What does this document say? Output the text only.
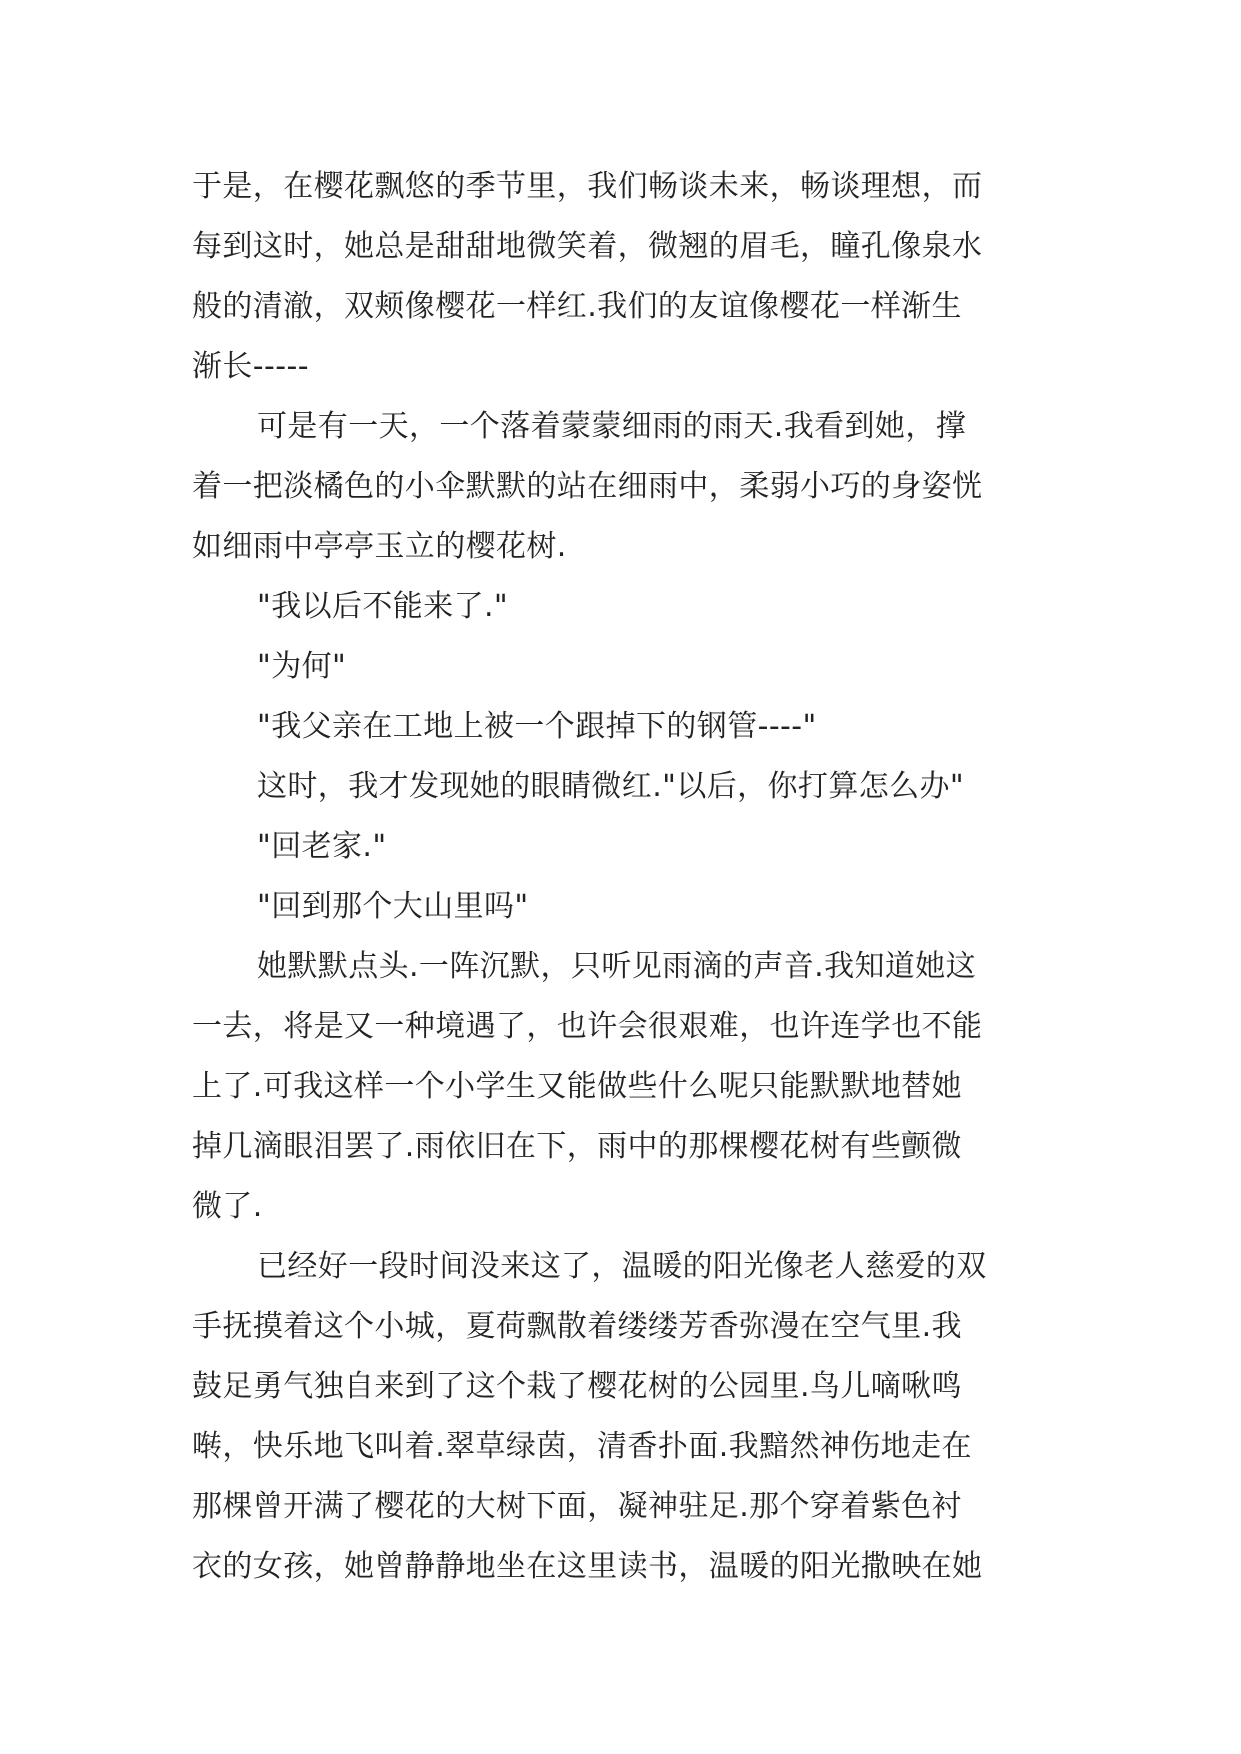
于是，在樱花飘悠的季节里，我们畅谈未来，畅谈理想，而
每到这时，她总是甜甜地微笑着，微翘的眉毛，瞳孔像泉水
般的清澈，双颊像樱花一样红.我们的友谊像樱花一样渐生
渐长-----
可是有一天，一个落着蒙蒙细雨的雨天.我看到她，撑
着一把淡橘色的小伞默默的站在细雨中，柔弱小巧的身姿恍
如细雨中亭亭玉立的樱花树.
"我以后不能来了."
"为何"
"我父亲在工地上被一个跟掉下的钢管----"
这时，我才发现她的眼睛微红."以后，你打算怎么办"
"回老家."
"回到那个大山里吗"
她默默点头.一阵沉默，只听见雨滴的声音.我知道她这
一去，将是又一种境遇了，也许会很艰难，也许连学也不能
上了.可我这样一个小学生又能做些什么呢只能默默地替她
掉几滴眼泪罢了.雨依旧在下，雨中的那棵樱花树有些颤微
微了.
已经好一段时间没来这了，温暖的阳光像老人慈爱的双
手抚摸着这个小城，夏荷飘散着缕缕芳香弥漫在空气里.我
鼓足勇气独自来到了这个栽了樱花树的公园里.鸟儿嘀啾鸣
啭，快乐地飞叫着.翠草绿茵，清香扑面.我黯然神伤地走在
那棵曾开满了樱花的大树下面，凝神驻足.那个穿着紫色衬
衣的女孩，她曾静静地坐在这里读书，温暖的阳光撒映在她
